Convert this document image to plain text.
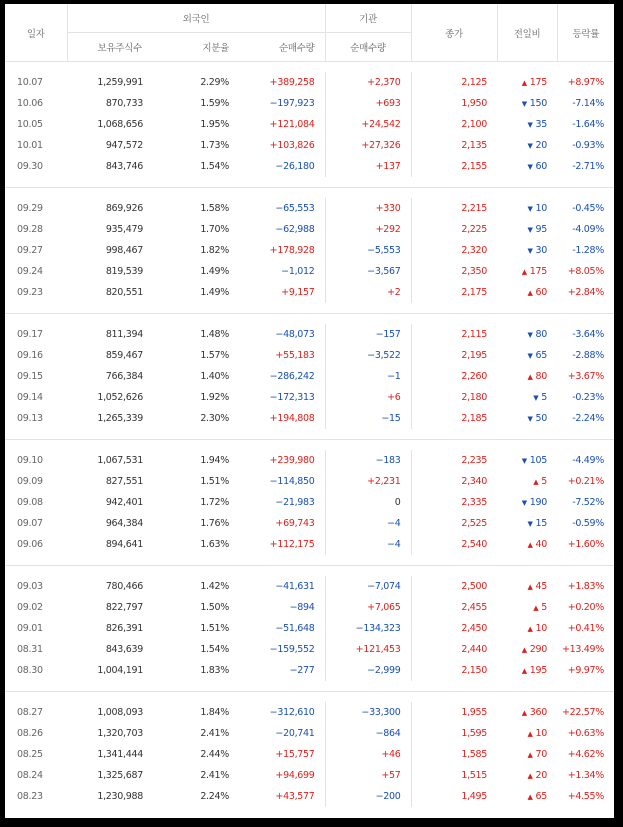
일자	외국인			기관	종가	전일비	등락률
	보유주식수	지분율	순매수량	순매수량			

10.07	1,259,991	2.29%	+389,258	+2,370	2,125	▲ 175	+8.97%
10.06	870,733	1.59%	−197,923	+693	1,950	▼ 150	-7.14%
10.05	1,068,656	1.95%	+121,084	+24,542	2,100	▼ 35	-1.64%
10.01	947,572	1.73%	+103,826	+27,326	2,135	▼ 20	-0.93%
09.30	843,746	1.54%	−26,180	+137	2,155	▼ 60	-2.71%

09.29	869,926	1.58%	−65,553	+330	2,215	▼ 10	-0.45%
09.28	935,479	1.70%	−62,988	+292	2,225	▼ 95	-4.09%
09.27	998,467	1.82%	+178,928	−5,553	2,320	▼ 30	-1.28%
09.24	819,539	1.49%	−1,012	−3,567	2,350	▲ 175	+8.05%
09.23	820,551	1.49%	+9,157	+2	2,175	▲ 60	+2.84%

09.17	811,394	1.48%	−48,073	−157	2,115	▼ 80	-3.64%
09.16	859,467	1.57%	+55,183	−3,522	2,195	▼ 65	-2.88%
09.15	766,384	1.40%	−286,242	−1	2,260	▲ 80	+3.67%
09.14	1,052,626	1.92%	−172,313	+6	2,180	▼ 5	-0.23%
09.13	1,265,339	2.30%	+194,808	−15	2,185	▼ 50	-2.24%

09.10	1,067,531	1.94%	+239,980	−183	2,235	▼ 105	-4.49%
09.09	827,551	1.51%	−114,850	+2,231	2,340	▲ 5	+0.21%
09.08	942,401	1.72%	−21,983	0	2,335	▼ 190	-7.52%
09.07	964,384	1.76%	+69,743	−4	2,525	▼ 15	-0.59%
09.06	894,641	1.63%	+112,175	−4	2,540	▲ 40	+1.60%

09.03	780,466	1.42%	−41,631	−7,074	2,500	▲ 45	+1.83%
09.02	822,797	1.50%	−894	+7,065	2,455	▲ 5	+0.20%
09.01	826,391	1.51%	−51,648	−134,323	2,450	▲ 10	+0.41%
08.31	843,639	1.54%	−159,552	+121,453	2,440	▲ 290	+13.49%
08.30	1,004,191	1.83%	−277	−2,999	2,150	▲ 195	+9.97%

08.27	1,008,093	1.84%	−312,610	−33,300	1,955	▲ 360	+22.57%
08.26	1,320,703	2.41%	−20,741	−864	1,595	▲ 10	+0.63%
08.25	1,341,444	2.44%	+15,757	+46	1,585	▲ 70	+4.62%
08.24	1,325,687	2.41%	+94,699	+57	1,515	▲ 20	+1.34%
08.23	1,230,988	2.24%	+43,577	−200	1,495	▲ 65	+4.55%
